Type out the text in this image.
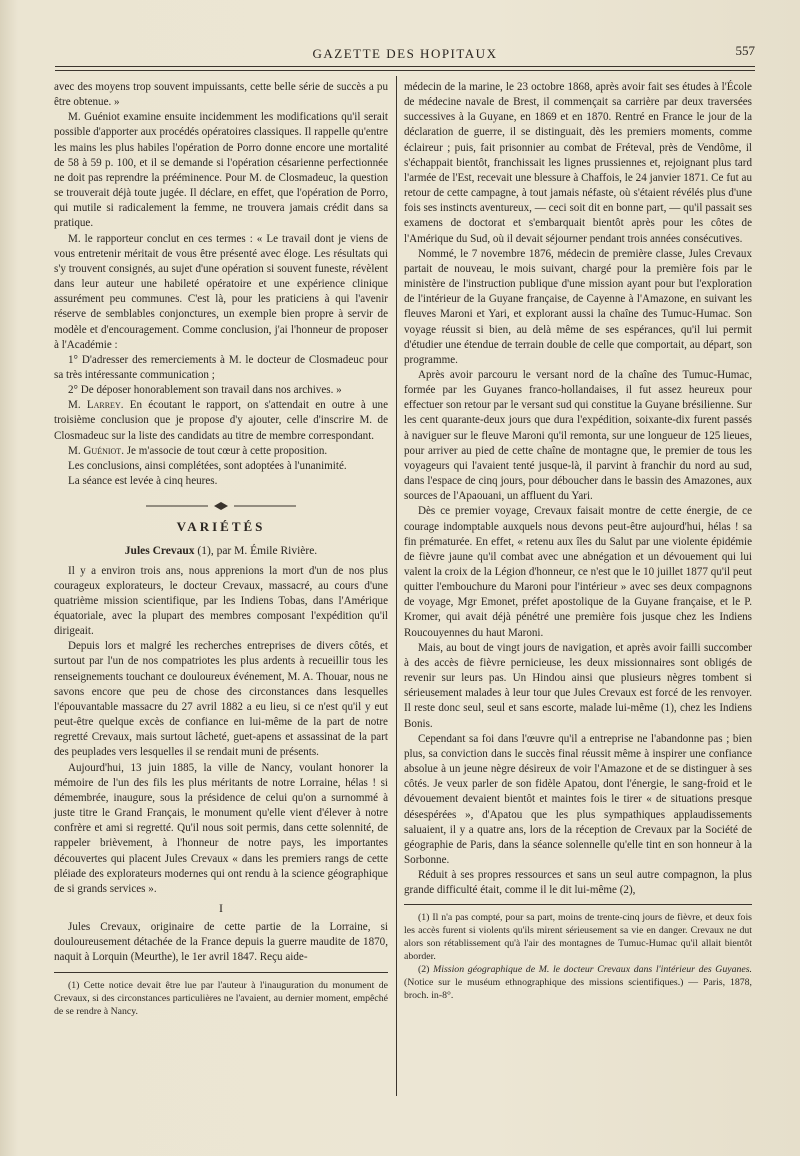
GAZETTE DES HOPITAUX	557

avec des moyens trop souvent impuissants, cette belle série de succès a pu être obtenue. »

M. Guéniot examine ensuite incidemment les modifications qu'il serait possible d'apporter aux procédés opératoires classiques. Il rappelle qu'entre les mains les plus habiles l'opération de Porro donne encore une mortalité de 58 à 59 p. 100, et il se demande si l'opération césarienne perfectionnée ne doit pas reprendre la prééminence. Pour M. de Closmadeuc, la question se trouverait déjà toute jugée. Il déclare, en effet, que l'opération de Porro, qui mutile si radicalement la femme, ne trouvera jamais crédit dans sa pratique.

M. le rapporteur conclut en ces termes : « Le travail dont je viens de vous entretenir méritait de vous être présenté avec éloge. Les résultats qui s'y trouvent consignés, au sujet d'une opération si souvent funeste, révèlent dans leur auteur une habileté opératoire et une expérience clinique assurément peu communes. C'est là, pour les praticiens à qui l'avenir réserve de semblables conjonctures, un exemple bien propre à servir de modèle et d'encouragement. Comme conclusion, j'ai l'honneur de proposer à l'Académie :

1° D'adresser des remerciements à M. le docteur de Closmadeuc pour sa très intéressante communication ;

2° De déposer honorablement son travail dans nos archives. »

M. Larrey. En écoutant le rapport, on s'attendait en outre à une troisième conclusion que je propose d'y ajouter, celle d'inscrire M. de Closmadeuc sur la liste des candidats au titre de membre correspondant.

M. Guéniot. Je m'associe de tout cœur à cette proposition.

Les conclusions, ainsi complétées, sont adoptées à l'unanimité.

La séance est levée à cinq heures.

VARIÉTÉS
Jules Crevaux (1), par M. Émile Rivière.

Il y a environ trois ans, nous apprenions la mort d'un de nos plus courageux explorateurs, le docteur Crevaux, massacré, au cours d'une quatrième mission scientifique, par les Indiens Tobas, dans l'Amérique équatoriale, avec la plupart des membres composant l'expédition qu'il dirigeait.

Depuis lors et malgré les recherches entreprises de divers côtés, et surtout par l'un de nos compatriotes les plus ardents à recueillir tous les renseignements touchant ce douloureux événement, M. A. Thouar, nous ne savons encore que peu de chose des circonstances dans lesquelles l'épouvantable massacre du 27 avril 1882 a eu lieu, si ce n'est qu'il y eut peut-être quelque excès de confiance en lui-même de la part de notre regretté Crevaux, mais surtout lâcheté, guet-apens et assassinat de la part des peuplades vers lesquelles il se rendait muni de présents.

Aujourd'hui, 13 juin 1885, la ville de Nancy, voulant honorer la mémoire de l'un des fils les plus méritants de notre Lorraine, hélas ! si démembrée, inaugure, sous la présidence de celui qu'on a surnommé à juste titre le Grand Français, le monument qu'elle vient d'élever à notre confrère et ami si regretté. Qu'il nous soit permis, dans cette solennité, de rappeler brièvement, à l'honneur de notre pays, les importantes découvertes qui placent Jules Crevaux « dans les premiers rangs de cette pléiade des explorateurs modernes qui ont rendu à la science géographique de si grands services ».

I

Jules Crevaux, originaire de cette partie de la Lorraine, si douloureusement détachée de la France depuis la guerre maudite de 1870, naquit à Lorquin (Meurthe), le 1er avril 1847. Reçu aide-

(1) Cette notice devait être lue par l'auteur à l'inauguration du monument de Crevaux, si des circonstances particulières ne l'avaient, au dernier moment, empêché de se rendre à Nancy.

médecin de la marine, le 23 octobre 1868, après avoir fait ses études à l'École de médecine navale de Brest, il commençait sa carrière par deux traversées successives à la Guyane, en 1869 et en 1870. Rentré en France le jour de la déclaration de guerre, il se distinguait, dès les premiers moments, comme éclaireur ; puis, fait prisonnier au combat de Fréteval, près de Vendôme, il s'échappait bientôt, franchissait les lignes prussiennes et, rejoignant plus tard l'armée de l'Est, recevait une blessure à Chaffois, le 24 janvier 1871. Ce fut au retour de cette campagne, à tout jamais néfaste, où s'étaient révélés plus d'une fois ses instincts aventureux, — ceci soit dit en bonne part, — qu'il passait ses examens de doctorat et s'embarquait bientôt après pour les côtes de l'Amérique du Sud, où il devait séjourner pendant trois années consécutives.

Nommé, le 7 novembre 1876, médecin de première classe, Jules Crevaux partait de nouveau, le mois suivant, chargé pour la première fois par le ministère de l'instruction publique d'une mission ayant pour but l'exploration de l'intérieur de la Guyane française, de Cayenne à l'Amazone, en suivant les fleuves Maroni et Yari, et explorant aussi la chaîne des Tumuc-Humac. Son voyage réussit si bien, au delà même de ses espérances, qu'il lui permit d'étudier une étendue de terrain double de celle que comportait, au départ, son programme.

Après avoir parcouru le versant nord de la chaîne des Tumuc-Humac, formée par les Guyanes franco-hollandaises, il fut assez heureux pour effectuer son retour par le versant sud qui constitue la Guyane brésilienne. Sur les cent quarante-deux jours que dura l'expédition, soixante-dix furent passés à naviguer sur le fleuve Maroni qu'il remonta, sur une longueur de 125 lieues, pour arriver au pied de cette chaîne de montagne que, le premier de tous les voyageurs qui l'avaient tenté jusque-là, il parvint à franchir du nord au sud, dans l'espace de cinq jours, pour déboucher dans le bassin des Amazones, aux sources de l'Apaouani, un affluent du Yari.

Dès ce premier voyage, Crevaux faisait montre de cette énergie, de ce courage indomptable auxquels nous devons peut-être aujourd'hui, hélas ! sa fin prématurée. En effet, « retenu aux îles du Salut par une violente épidémie de fièvre jaune qu'il combat avec une abnégation et un dévouement qui lui valent la croix de la Légion d'honneur, ce n'est que le 10 juillet 1877 qu'il peut quitter l'embouchure du Maroni pour l'intérieur » avec ses deux compagnons de voyage, Mgr Emonet, préfet apostolique de la Guyane française, et le P. Kromer, qui avait déjà pénétré une première fois jusque chez les Indiens Roucouyennes du haut Maroni.

Mais, au bout de vingt jours de navigation, et après avoir failli succomber à des accès de fièvre pernicieuse, les deux missionnaires sont obligés de revenir sur leurs pas. Un Hindou ainsi que plusieurs nègres tombent si sérieusement malades à leur tour que Jules Crevaux est forcé de les renvoyer. Il reste donc seul, seul et sans escorte, malade lui-même (1), chez les Indiens Bonis.

Cependant sa foi dans l'œuvre qu'il a entreprise ne l'abandonne pas ; bien plus, sa conviction dans le succès final réussit même à inspirer une confiance absolue à un jeune nègre désireux de voir l'Amazone et de se distinguer à ses côtés. Je veux parler de son fidèle Apatou, dont l'énergie, le sang-froid et le dévouement devaient bientôt et maintes fois le tirer « de situations presque désespérées », d'Apatou que les plus sympathiques applaudissements saluaient, il y a quatre ans, lors de la réception de Crevaux par la Société de géographie de Paris, dans la séance solennelle qu'elle tint en son honneur à la Sorbonne.

Réduit à ses propres ressources et sans un seul autre compagnon, la plus grande difficulté était, comme il le dit lui-même (2),

(1) Il n'a pas compté, pour sa part, moins de trente-cinq jours de fièvre, et deux fois les accès furent si violents qu'ils mirent sérieusement sa vie en danger. Crevaux ne dut alors son rétablissement qu'à l'air des montagnes de Tumuc-Humac qu'il allait bientôt aborder.

(2) Mission géographique de M. le docteur Crevaux dans l'intérieur des Guyanes. (Notice sur le muséum ethnographique des missions scientifiques.) — Paris, 1878, broch. in-8°.
